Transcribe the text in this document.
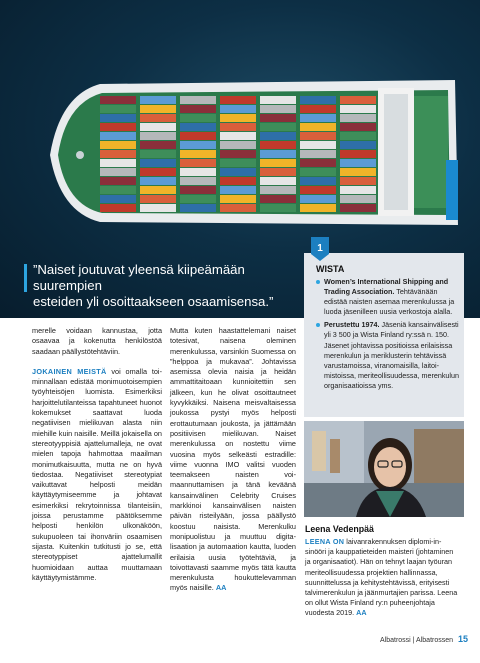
”Naiset joutuvat yleensä kiipeämään suurempien
esteiden yli osoittaakseen osaamisensa.”
1
WISTA
Women’s International Shipping and Trading Association. Tehtävänään edistää naisten asemaa merenkulussa ja luoda jäsenilleen uusia verkostoja alalla.
Perustettu 1974. Jäseniä kansainvälisesti yli 3 500 ja Wista Finland ry:ssä n. 150. Jäsenet johtavissa positioissa erilaisissa merenkulun ja meriklusterin tehtävissä varustamoissa, viranomaisilla, laitoimistoissa, meriteollisuudessa, merenkulun organisaatioissa yms.

merelle voidaan kannustaa, jotta osaavaa ja kokenutta henkilöstöä saadaan päällystötehtäviin.

JOKAINEN MEISTÄ voi omalla toiminnallaan edistää monimuotoisempien työyhteisöjen luomista. Esimerkiksi harjoittelutilanteissa tapahtuneet huonot kokemukset saattavat luoda negatiivisen mielikuvan alasta niin miehille kuin naisille. Meillä jokaisella on stereotyyppisiä ajattelumalleja, ne ovat mielen tapoja hahmottaa maailman monimutkaisuutta, mutta ne on hyvä tiedostaa. Negatiiviset stereotypiat vaikuttavat helposti meidän käyttäytymiseemme ja johtavat esimerkiksi rekrytoinnissa tilanteisiin, joissa perustamme päätöksemme helposti henkilön ulkonäköön, sukupuoleen tai ihonväriin osaamisen sijasta. Kuitenkin tutkitusti jo se, että stereotyppiset ajattelumallit huomioidaan auttaa muuttamaan käyttäytymistämme.

Mutta kuten haastattelemani naiset totesivat, naisena oleminen merenkulussa, varsinkin Suomessa on ”helppoa ja mukavaa”. Johtavissa asemissa olevia naisia ja heidän ammattitaitoaan kunnioitettiin sen jälkeen, kun he olivat osoittautneet kyvykkäiksi. Naisena meisvaltaisessa joukossa pystyi myös helposti erottautumaan joukosta, ja jättämään positiivisen mielikuvan. Naiset merenkulussa on nostettu viime vuosina myös selkeästi estradille: viime vuonna IMO valitsi vuoden teemakseen naisten voimaannuttamisen ja tänä keväänä kansainvälinen Celebrity Cruises markkinoi kansainvälisen naisten päivän risteilyään, jossa päällystö koostuu naisista. Merenkulku monipuolistuu ja muuttuu digitalisaation ja automaation kautta, luoden erilaisia uusia työtehtäviä, ja toivottavasti saamme myös tätä kautta merenkulusta houkuttelevamman myös naisille. AA

Leena Vedenpää
LEENA ON laivanrakennuksen diplomi-insinööri ja kauppatieteiden maisteri (johtaminen ja organisaatiot). Hän on tehnyt laajan työuran meriteollisuudessa projektien hallinnassa, suunnittelussa ja kehitystehtävissä, erityisesti talvimerenkulun ja jäänmurtajien parissa. Leena on ollut Wista Finland ry:n puheenjohtaja vuodesta 2019. AA
Albatrossi | Albatrossen 15
